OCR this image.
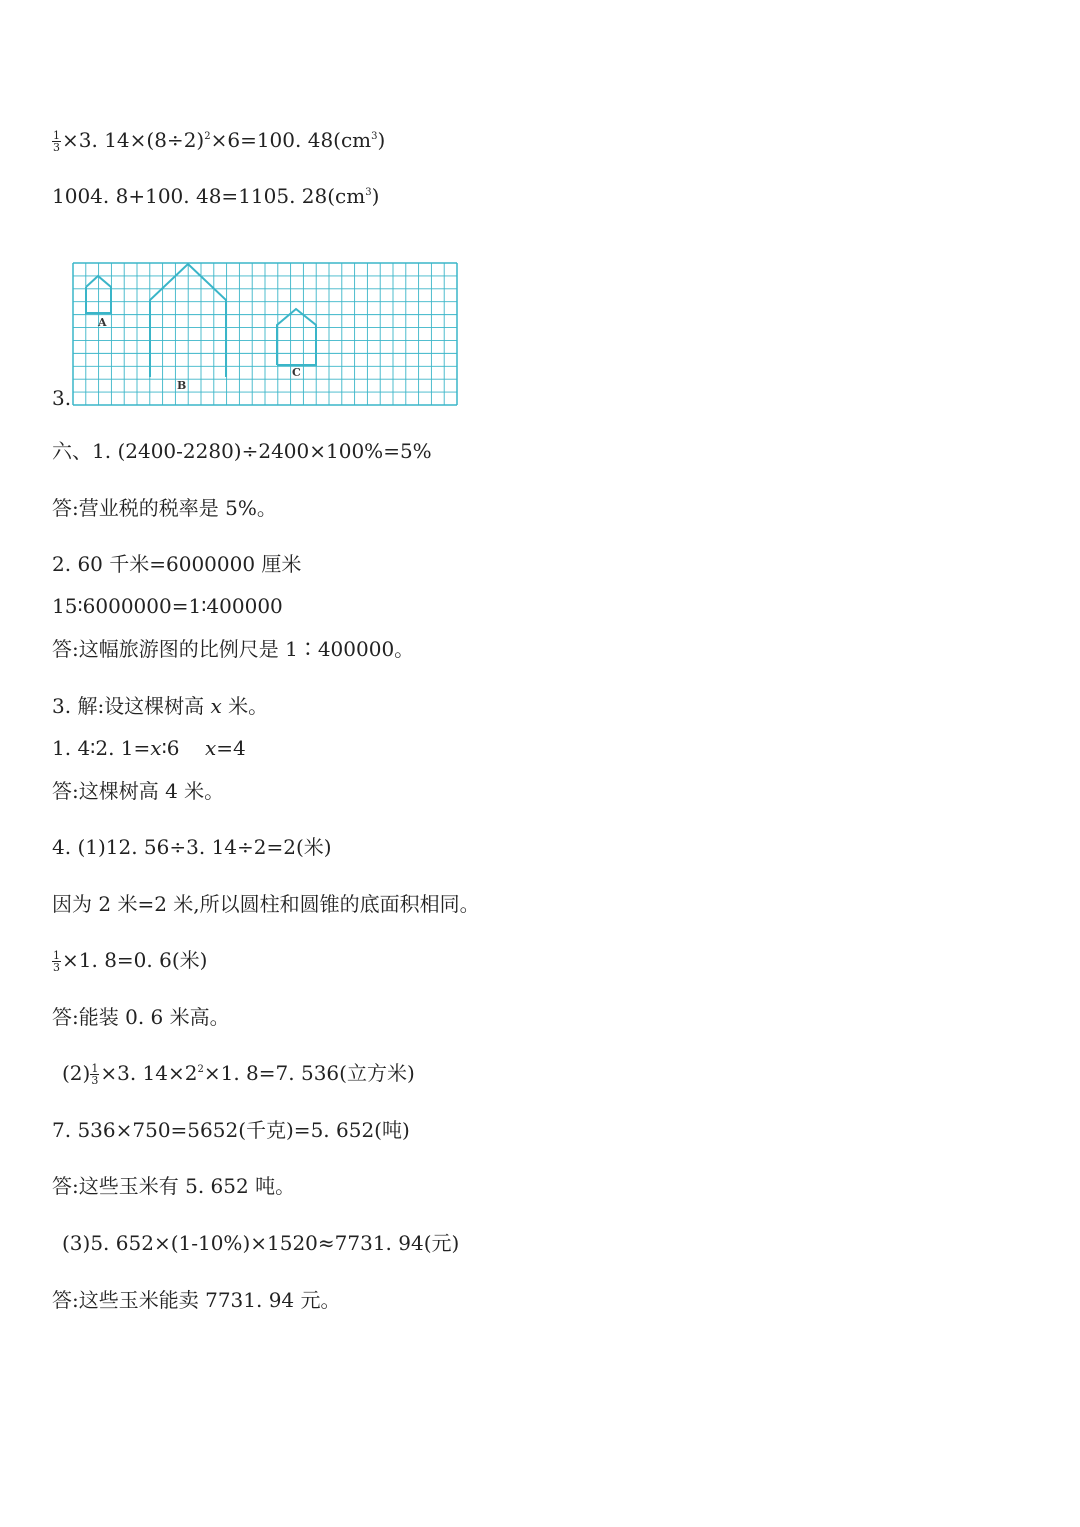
$\frac{1}{3} \times 3$. $14\times(8\div 2)^2\times 6=100$. $48(cm^3)$
1004. 8+100. 48=1105. $28(cm^3)$
3.
A
B
C
六、1. (2400-2280)÷2400×100%=5%
答:营业税的税率是 5%。
2. 60 千米=6000000 厘米
15∶6000000=1∶400000
答:这幅旅游图的比例尺是 1∶400000。
3. 解:设这棵树高 x 米。
1. 4∶2. 1=x∶6    x=4
答:这棵树高 4 米。
4. (1)12. 56÷3. 14÷2=2(米)
因为 2 米=2 米,所以圆柱和圆锥的底面积相同。
$\frac{1}{3} \times 1$. 8=0. 6(米)
答:能装 0. 6 米高。
$(2) \frac{1}{3} \times 3$. $14\times 2^2\times 1$. 8=7. 536(立方米)
7. 536×750=5652(千克)=5. 652(吨)
答:这些玉米有 5. 652 吨。
(3)5. 652×(1-10%)×1520≈7731. 94(元)
答:这些玉米能卖 7731. 94 元。
